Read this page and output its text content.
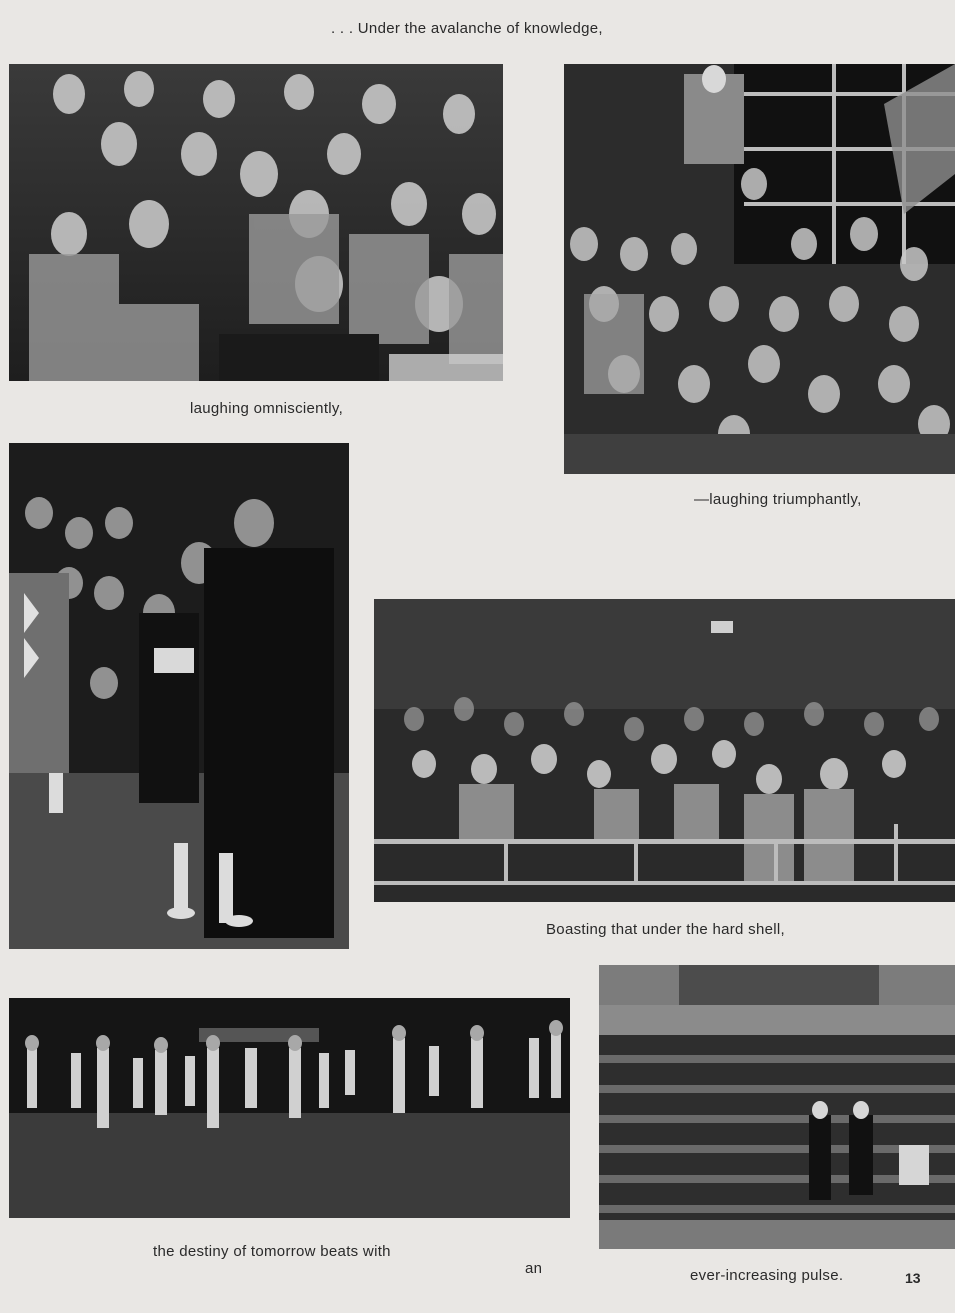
. . . Under the avalanche of knowledge,
laughing omnisciently,
—laughing triumphantly,
Boasting that under the hard shell,
the destiny of tomorrow beats with
an	ever-increasing pulse.	13
